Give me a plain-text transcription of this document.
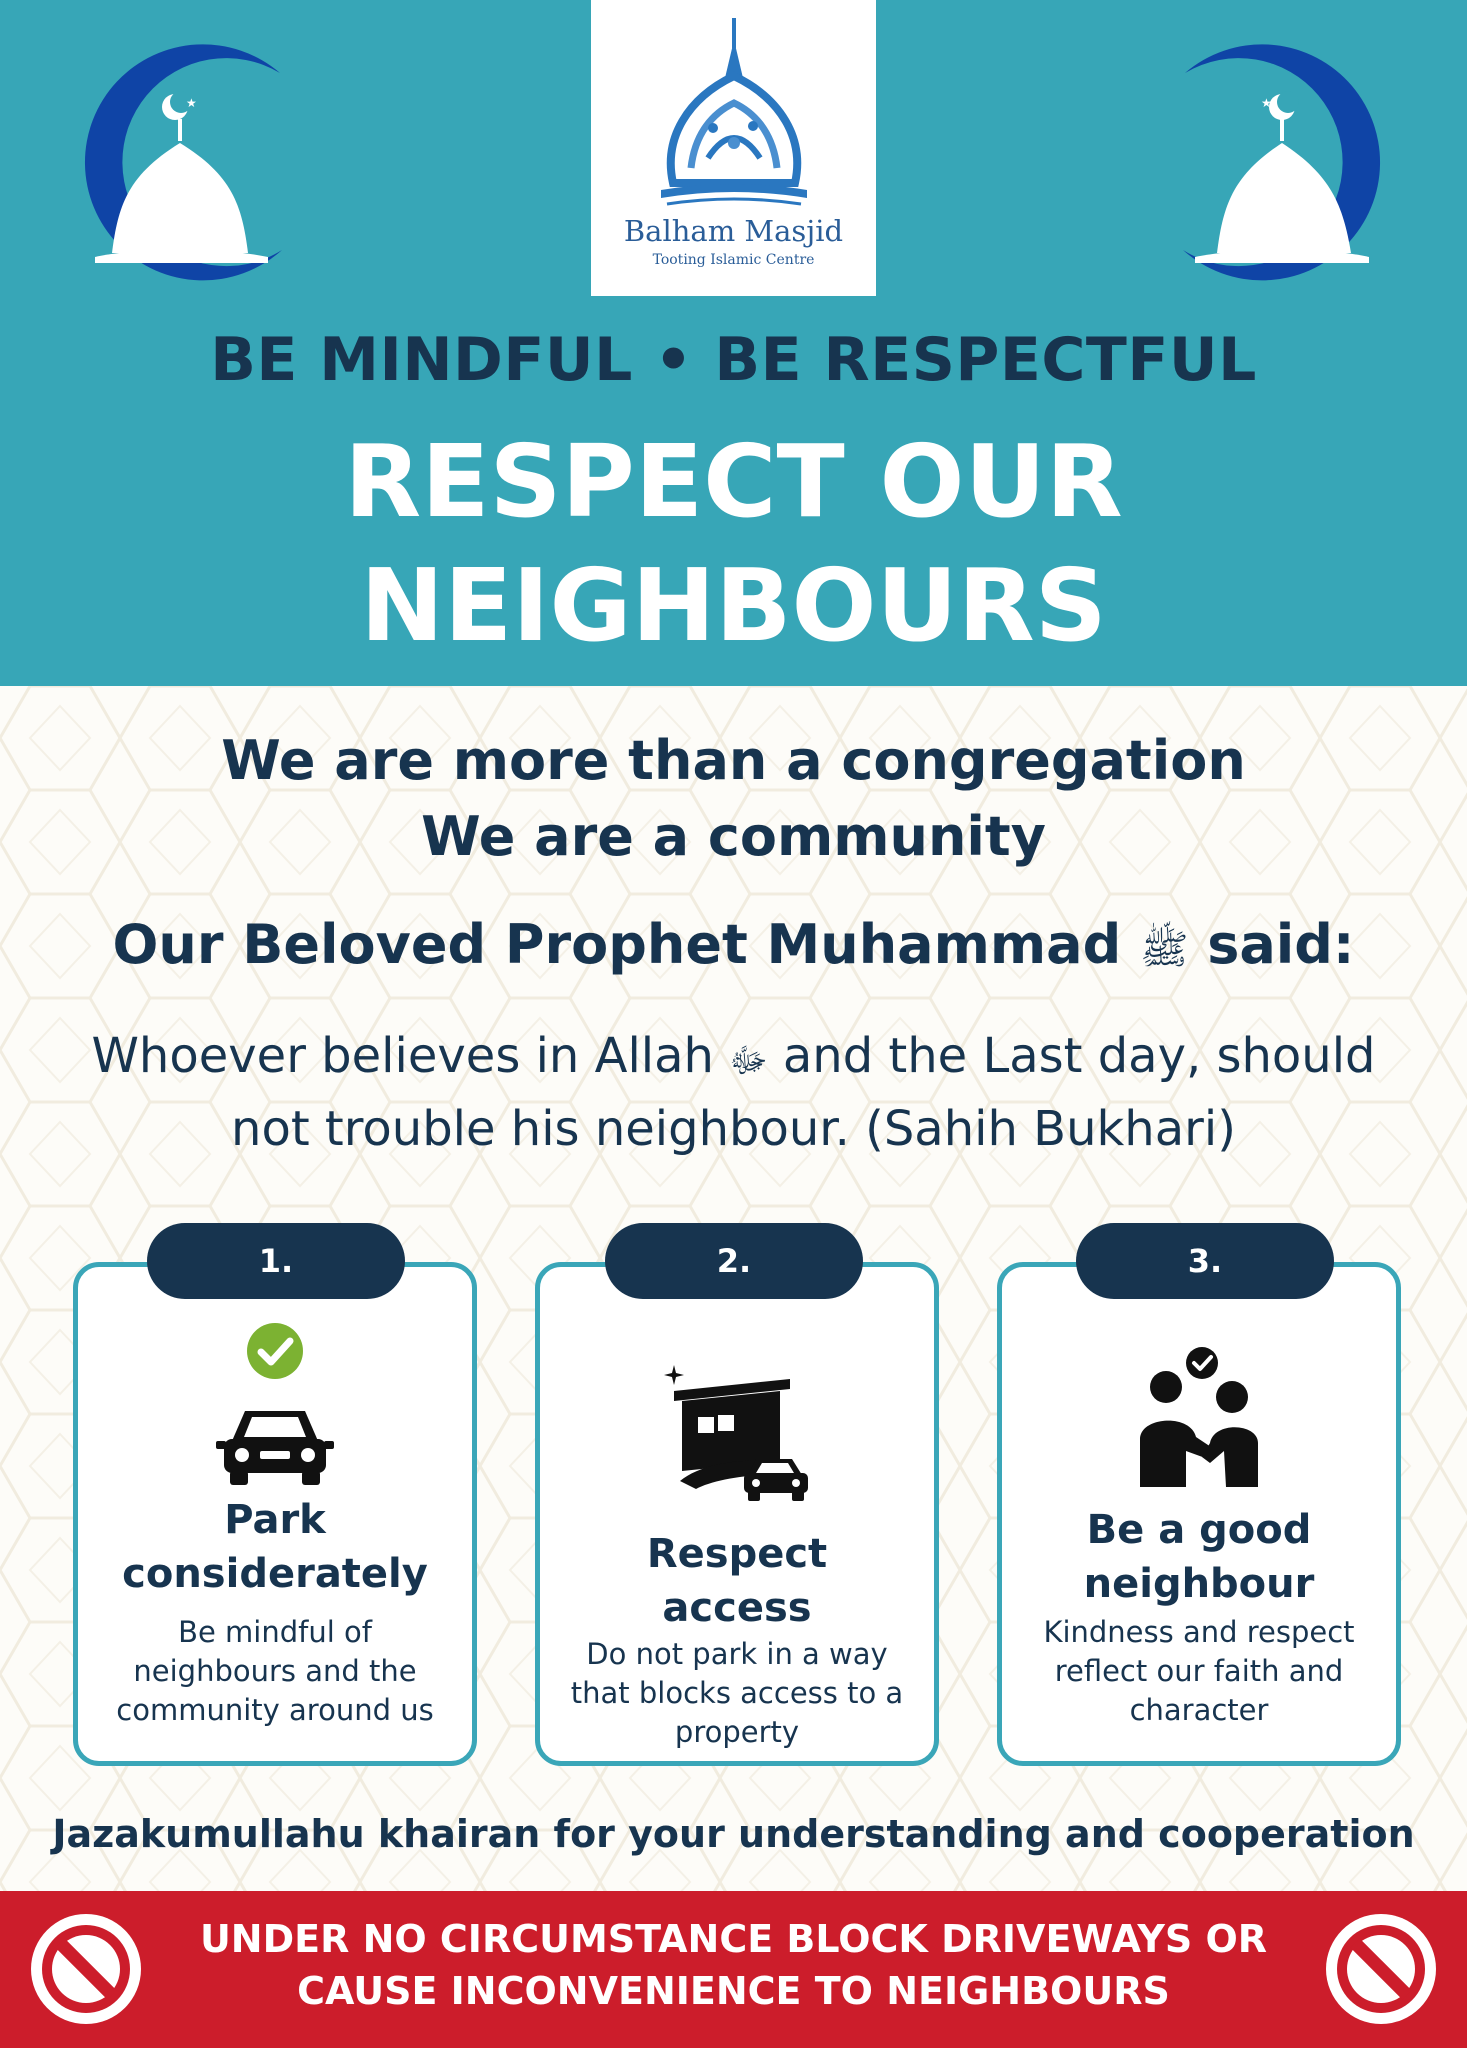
★
Balham Masjid
Tooting Islamic Centre
★
BE MINDFUL • BE RESPECTFUL
RESPECT OUR
NEIGHBOURS
We are more than a congregation
We are a community
Our Beloved Prophet Muhammad ﷺ said:
Whoever believes in Allah ﷻ and the Last day, should
not trouble his neighbour. (Sahih Bukhari)
Park
considerately
Be mindful of
neighbours and the
community around us
1.
Respect
access
Do not park in a way
that blocks access to a
property
2.
Be a good
neighbour
Kindness and respect
reflect our faith and
character
3.
Jazakumullahu khairan for your understanding and cooperation
UNDER NO CIRCUMSTANCE BLOCK DRIVEWAYS OR
CAUSE INCONVENIENCE TO NEIGHBOURS
